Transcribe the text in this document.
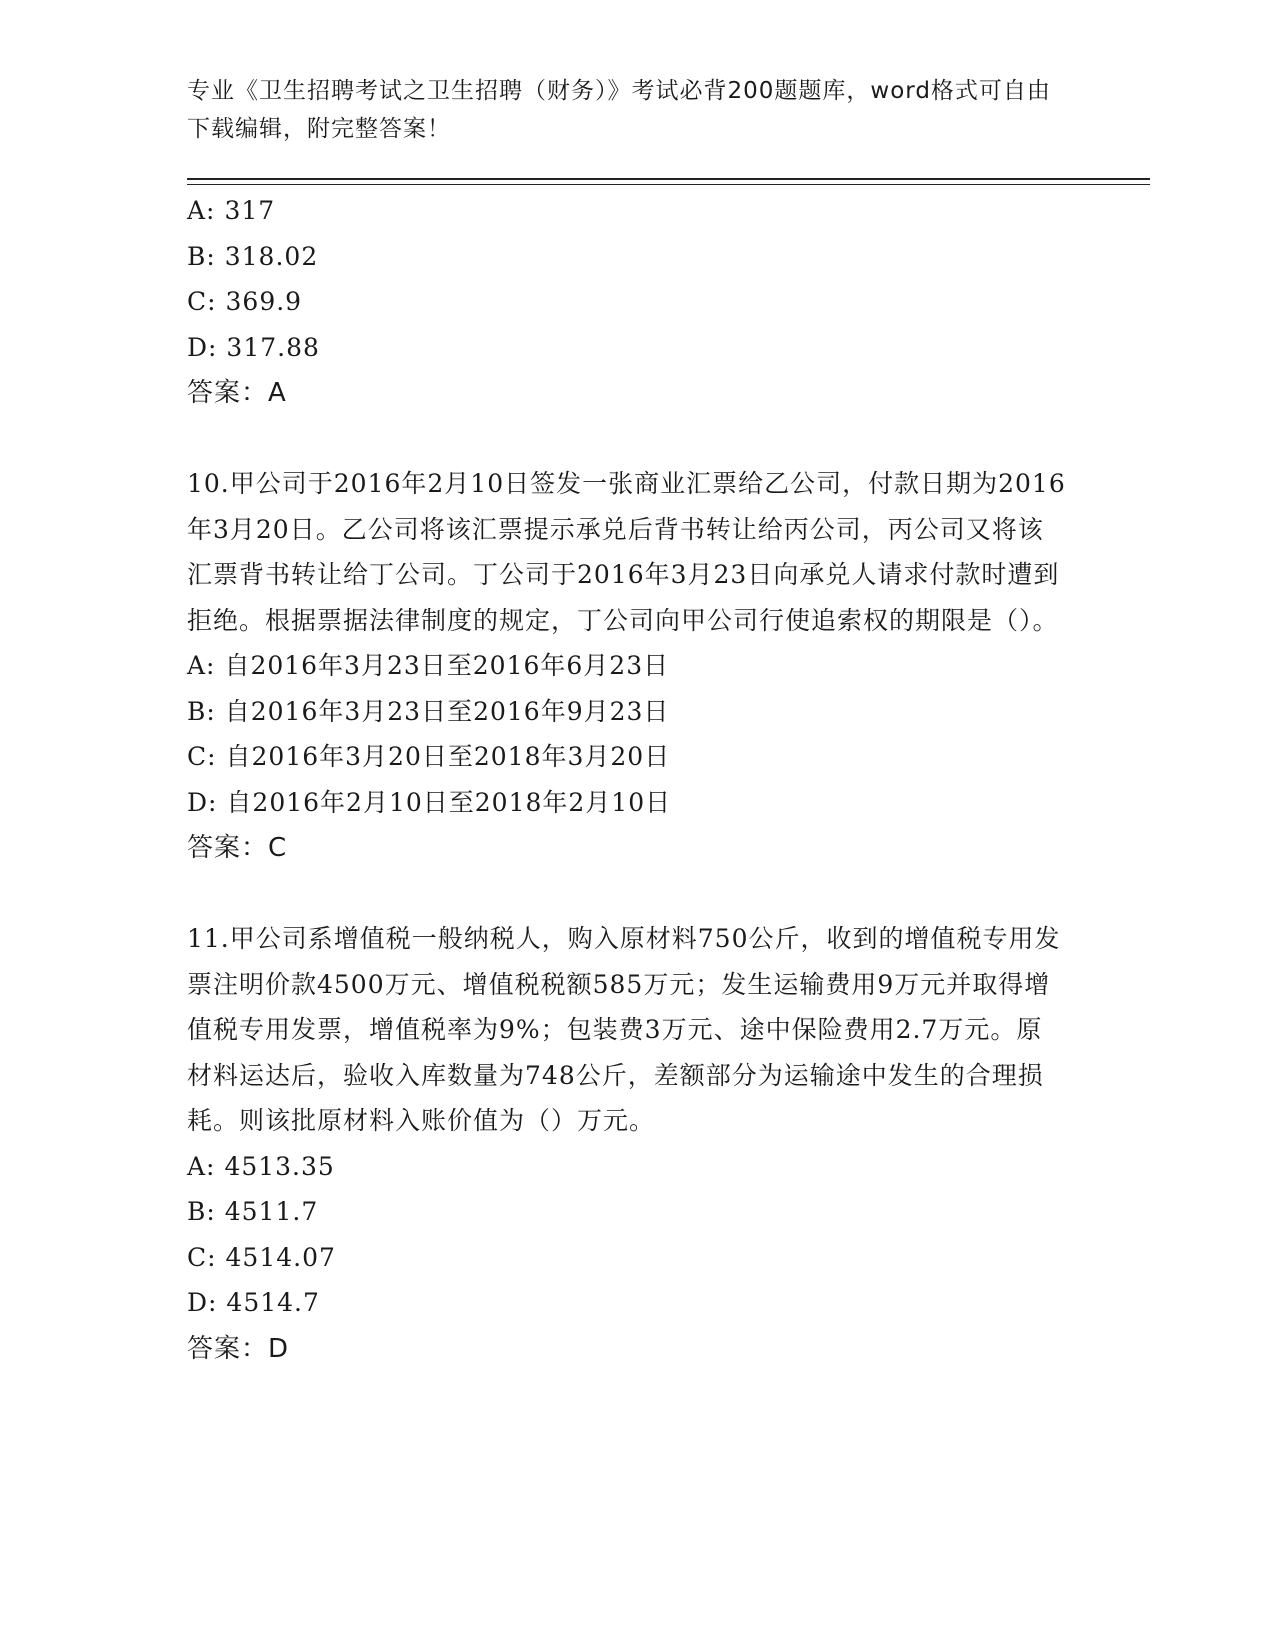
专业《卫生招聘考试之卫生招聘（财务）》考试必背200题题库，word格式可自由下载编辑，附完整答案！
A: 317
B: 318.02
C: 369.9
D: 317.88
答案：A
10.甲公司于2016年2月10日签发一张商业汇票给乙公司，付款日期为2016年3月20日。乙公司将该汇票提示承兑后背书转让给丙公司，丙公司又将该汇票背书转让给丁公司。丁公司于2016年3月23日向承兑人请求付款时遭到拒绝。根据票据法律制度的规定，丁公司向甲公司行使追索权的期限是（）。
A: 自2016年3月23日至2016年6月23日
B: 自2016年3月23日至2016年9月23日
C: 自2016年3月20日至2018年3月20日
D: 自2016年2月10日至2018年2月10日
答案：C
11.甲公司系增值税一般纳税人，购入原材料750公斤，收到的增值税专用发票注明价款4500万元、增值税税额585万元；发生运输费用9万元并取得增值税专用发票，增值税率为9%；包装费3万元、途中保险费用2.7万元。原材料运达后，验收入库数量为748公斤，差额部分为运输途中发生的合理损耗。则该批原材料入账价值为（）万元。
A: 4513.35
B: 4511.7
C: 4514.07
D: 4514.7
答案：D
